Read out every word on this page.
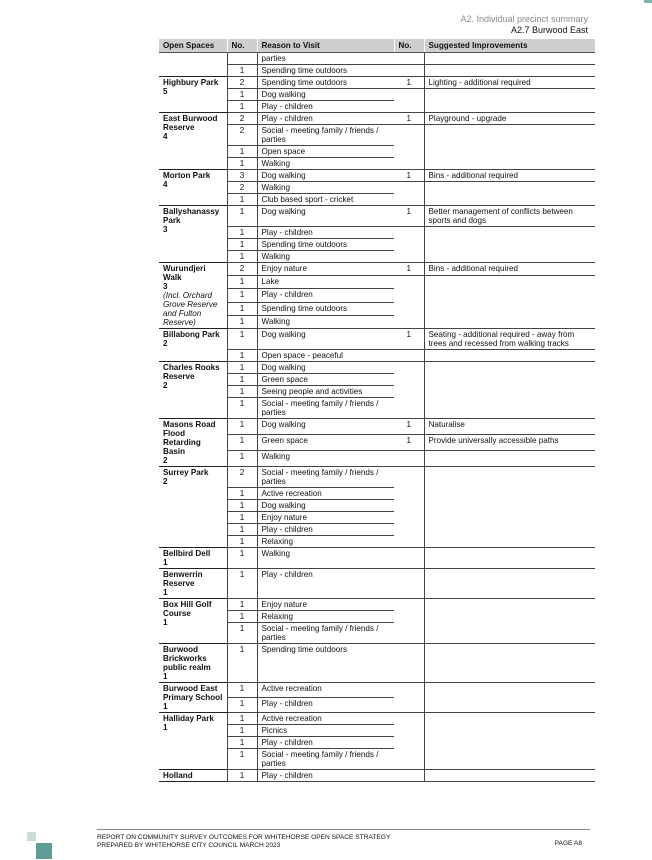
A2. Individual precinct summary
A2.7 Burwood East
Open Spaces	No.	Reason to Visit	No.	Suggested Improvements
		parties		
	1	Spending time outdoors		
Highbury Park
5	2	Spending time outdoors	1	Lighting - additional required
	1	Dog walking		
	1	Play - children		
East Burwood Reserve
4	2	Play - children	1	Playground - upgrade
	2	Social - meeting family / friends / parties		
	1	Open space		
	1	Walking		
Morton Park
4	3	Dog walking	1	Bins - additional required
	2	Walking		
	1	Club based sport - cricket		
Ballyshanassy Park
3	1	Dog walking	1	Better management of conflicts between sports and dogs
	1	Play - children		
	1	Spending time outdoors		
	1	Walking		
Wurundjeri Walk
3
(Incl. Orchard Grove Reserve and Fulton Reserve)	2	Enjoy nature	1	Bins - additional required
	1	Lake		
	1	Play - children		
	1	Spending time outdoors		
	1	Walking		
Billabong Park
2	1	Dog walking	1	Seating - additional required - away from trees and recessed from walking tracks
	1	Open space - peaceful		
Charles Rooks Reserve
2	1	Dog walking		
	1	Green space		
	1	Seeing people and activities		
	1	Social - meeting family / friends / parties		
Masons Road Flood Retarding Basin
2	1	Dog walking	1	Naturalise
	1	Green space	1	Provide universally accessible paths
	1	Walking		
Surrey Park
2	2	Social - meeting family / friends / parties		
	1	Active recreation		
	1	Dog walking		
	1	Enjoy nature		
	1	Play - children		
	1	Relaxing		
Bellbird Dell
1	1	Walking		
Benwerrin Reserve
1	1	Play - children		
Box Hill Golf Course
1	1	Enjoy nature		
	1	Relaxing		
	1	Social - meeting family / friends / parties		
Burwood Brickworks public realm
1	1	Spending time outdoors		
Burwood East Primary School
1	1	Active recreation		
	1	Play - children		
Halliday Park
1	1	Active recreation		
	1	Picnics		
	1	Play - children		
	1	Social - meeting family / friends / parties		
Holland	1	Play - children		
REPORT ON COMMUNITY SURVEY OUTCOMES FOR WHITEHORSE OPEN SPACE STRATEGY
PREPARED BY WHITEHORSE CITY COUNCIL MARCH 2023	PAGE A8
